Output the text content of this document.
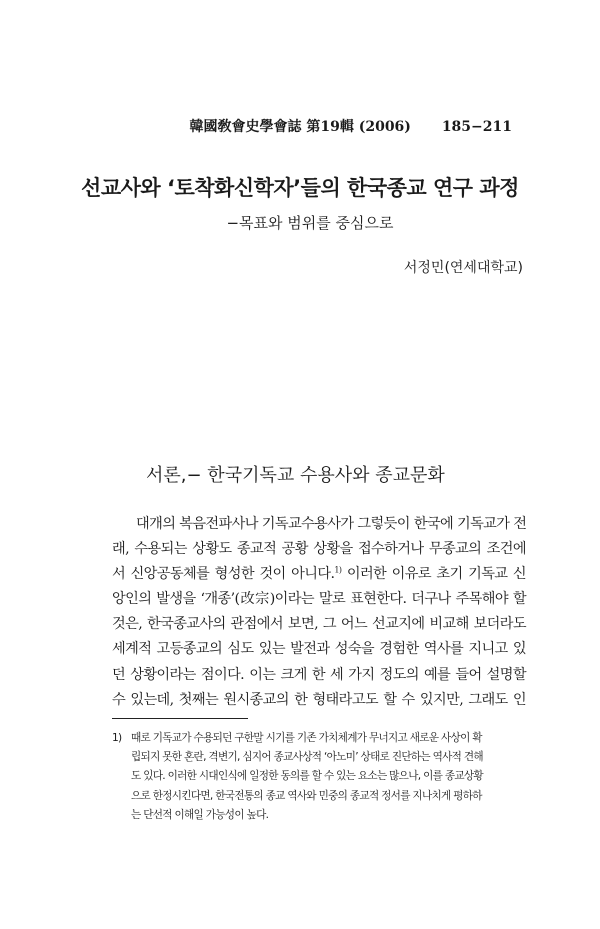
韓國敎會史學會誌 第19輯 (2006) 185−211
선교사와 ‘토착화신학자’들의 한국종교 연구 과정
−목표와 범위를 중심으로
서정민(연세대학교)
서론,− 한국기독교 수용사와 종교문화

대개의 복음전파사나 기독교수용사가 그렇듯이 한국에 기독교가 전
래, 수용되는 상황도 종교적 공황 상황을 접수하거나 무종교의 조건에
서 신앙공동체를 형성한 것이 아니다.$^{1)}$ 이러한 이유로 초기 기독교 신
앙인의 발생을 ‘개종’(改宗)이라는 말로 표현한다. 더구나 주목해야 할
것은, 한국종교사의 관점에서 보면, 그 어느 선교지에 비교해 보더라도
세계적 고등종교의 심도 있는 발전과 성숙을 경험한 역사를 지니고 있
던 상황이라는 점이다. 이는 크게 한 세 가지 정도의 예를 들어 설명할
수 있는데, 첫째는 원시종교의 한 형태라고도 할 수 있지만, 그래도 인

1) 때로 기독교가 수용되던 구한말 시기를 기존 가치체계가 무너지고 새로운 사상이 확
립되지 못한 혼란, 격변기, 심지어 종교사상적 ‘아노미’ 상태로 진단하는 역사적 견해
도 있다. 이러한 시대인식에 일정한 동의를 할 수 있는 요소는 많으나, 이를 종교상황
으로 한정시킨다면, 한국전통의 종교 역사와 민중의 종교적 정서를 지나치게 평하하
는 단선적 이해일 가능성이 높다.
